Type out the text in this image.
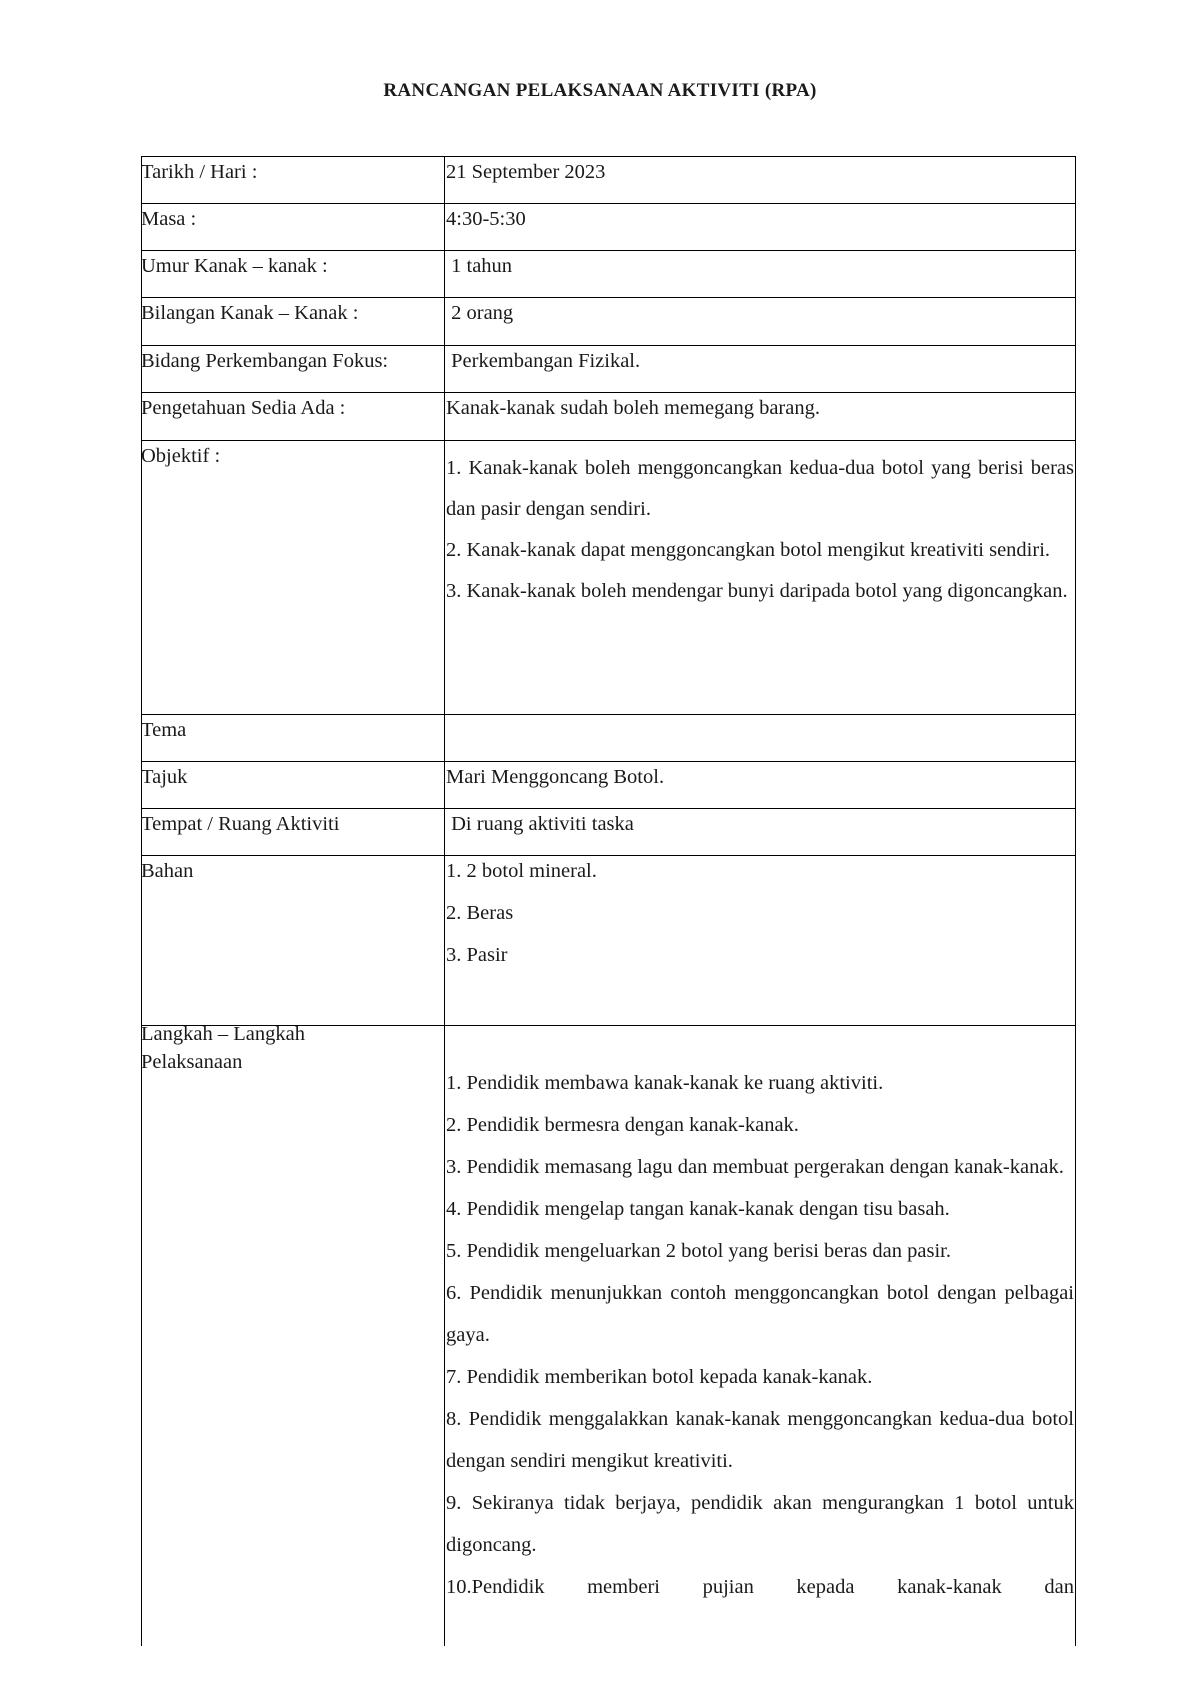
RANCANGAN PELAKSANAAN AKTIVITI (RPA)
Tarikh / Hari :	21 September 2023
Masa :	4:30-5:30
Umur Kanak – kanak :	1 tahun
Bilangan Kanak – Kanak :	2 orang
Bidang Perkembangan Fokus:	Perkembangan Fizikal.
Pengetahuan Sedia Ada :	Kanak-kanak sudah boleh memegang barang.
Objektif :

1. Kanak-kanak boleh menggoncangkan kedua-dua botol yang berisi beras dan pasir dengan sendiri.

2. Kanak-kanak dapat menggoncangkan botol mengikut kreativiti sendiri.

3. Kanak-kanak boleh mendengar bunyi daripada botol yang digoncangkan.

Tema
Tajuk	Mari Menggoncang Botol.
Tempat / Ruang Aktiviti	Di ruang aktiviti taska
Bahan	1. 2 botol mineral.

2. Beras

3. Pasir

Langkah – Langkah Pelaksanaan

1. Pendidik membawa kanak-kanak ke ruang aktiviti.

2. Pendidik bermesra dengan kanak-kanak.

3. Pendidik memasang lagu dan membuat pergerakan dengan kanak-kanak.

4. Pendidik mengelap tangan kanak-kanak dengan tisu basah.

5. Pendidik mengeluarkan 2 botol yang berisi beras dan pasir.

6. Pendidik menunjukkan contoh menggoncangkan botol dengan pelbagai gaya.

7. Pendidik memberikan botol kepada kanak-kanak.

8. Pendidik menggalakkan kanak-kanak menggoncangkan kedua-dua botol dengan sendiri mengikut kreativiti.

9. Sekiranya tidak berjaya, pendidik akan mengurangkan 1 botol untuk digoncang.

10.Pendidik memberi pujian kepada kanak-kanak dan
